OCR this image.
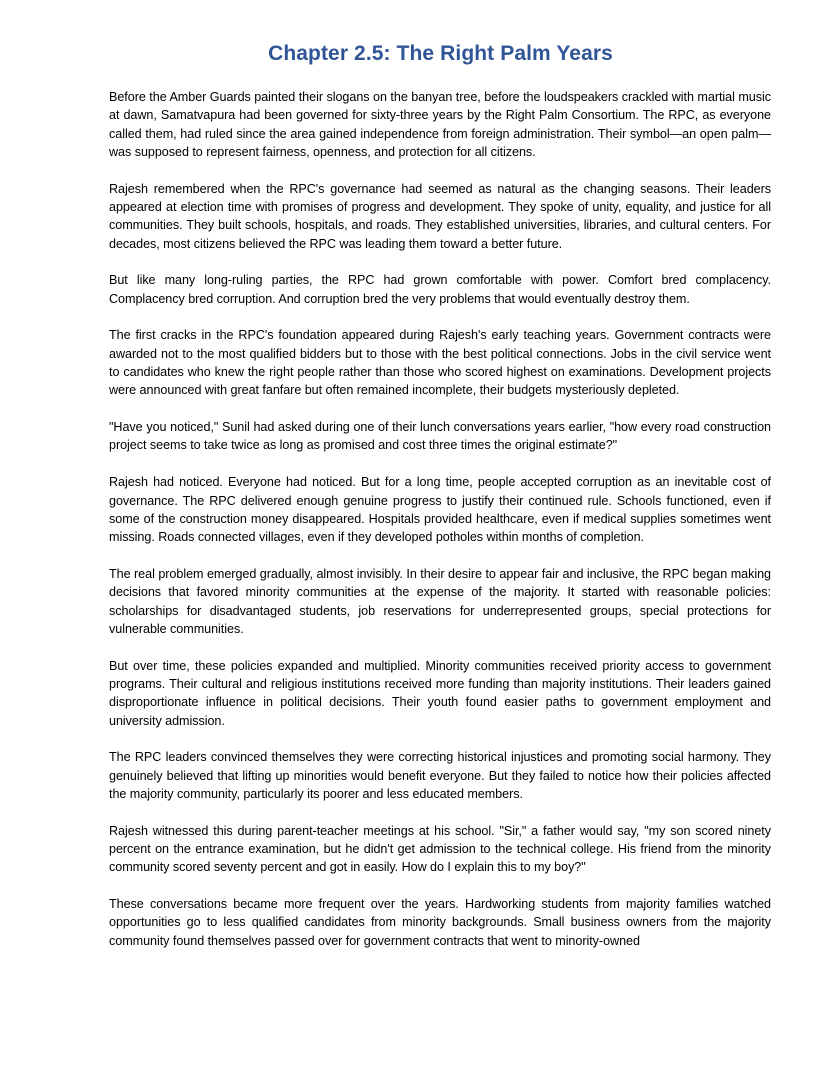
Chapter 2.5: The Right Palm Years

Before the Amber Guards painted their slogans on the banyan tree, before the loudspeakers crackled with martial music at dawn, Samatvapura had been governed for sixty-three years by the Right Palm Consortium. The RPC, as everyone called them, had ruled since the area gained independence from foreign administration. Their symbol—an open palm—was supposed to represent fairness, openness, and protection for all citizens.

Rajesh remembered when the RPC's governance had seemed as natural as the changing seasons. Their leaders appeared at election time with promises of progress and development. They spoke of unity, equality, and justice for all communities. They built schools, hospitals, and roads. They established universities, libraries, and cultural centers. For decades, most citizens believed the RPC was leading them toward a better future.

But like many long-ruling parties, the RPC had grown comfortable with power. Comfort bred complacency. Complacency bred corruption. And corruption bred the very problems that would eventually destroy them.

The first cracks in the RPC's foundation appeared during Rajesh's early teaching years. Government contracts were awarded not to the most qualified bidders but to those with the best political connections. Jobs in the civil service went to candidates who knew the right people rather than those who scored highest on examinations. Development projects were announced with great fanfare but often remained incomplete, their budgets mysteriously depleted.

"Have you noticed," Sunil had asked during one of their lunch conversations years earlier, "how every road construction project seems to take twice as long as promised and cost three times the original estimate?"

Rajesh had noticed. Everyone had noticed. But for a long time, people accepted corruption as an inevitable cost of governance. The RPC delivered enough genuine progress to justify their continued rule. Schools functioned, even if some of the construction money disappeared. Hospitals provided healthcare, even if medical supplies sometimes went missing. Roads connected villages, even if they developed potholes within months of completion.

The real problem emerged gradually, almost invisibly. In their desire to appear fair and inclusive, the RPC began making decisions that favored minority communities at the expense of the majority. It started with reasonable policies: scholarships for disadvantaged students, job reservations for underrepresented groups, special protections for vulnerable communities.

But over time, these policies expanded and multiplied. Minority communities received priority access to government programs. Their cultural and religious institutions received more funding than majority institutions. Their leaders gained disproportionate influence in political decisions. Their youth found easier paths to government employment and university admission.

The RPC leaders convinced themselves they were correcting historical injustices and promoting social harmony. They genuinely believed that lifting up minorities would benefit everyone. But they failed to notice how their policies affected the majority community, particularly its poorer and less educated members.

Rajesh witnessed this during parent-teacher meetings at his school. "Sir," a father would say, "my son scored ninety percent on the entrance examination, but he didn't get admission to the technical college. His friend from the minority community scored seventy percent and got in easily. How do I explain this to my boy?"

These conversations became more frequent over the years. Hardworking students from majority families watched opportunities go to less qualified candidates from minority backgrounds. Small business owners from the majority community found themselves passed over for government contracts that went to minority-owned
